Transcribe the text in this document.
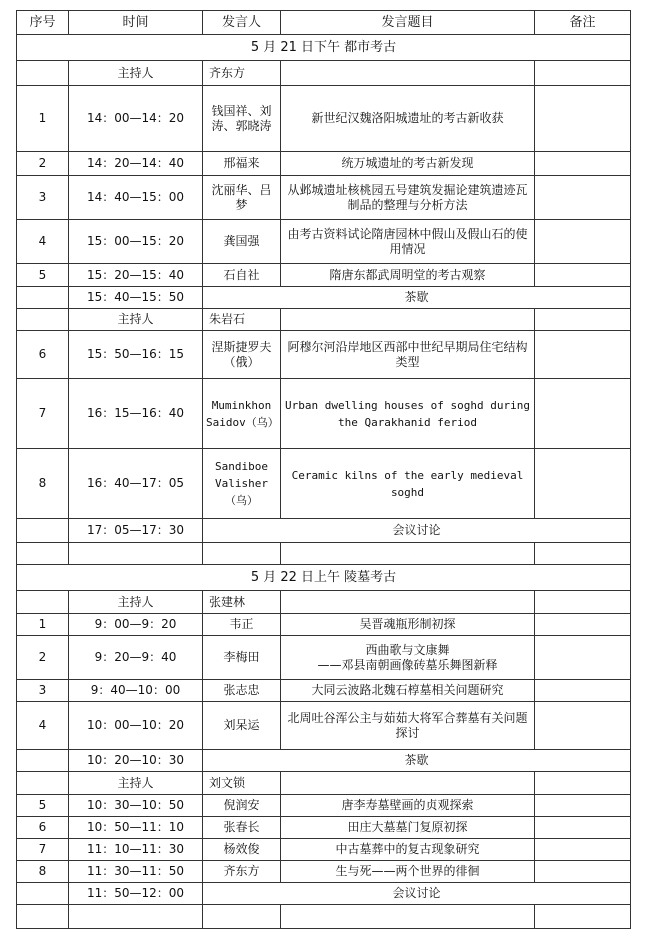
序号	时间	发言人	发言题目	备注
5 月 21 日下午 都市考古				
	主持人	齐东方		
1	14：00—14：20	钱国祥、刘涛、郭晓涛	新世纪汉魏洛阳城遗址的考古新收获	
2	14：20—14：40	邢福来	统万城遗址的考古新发现	
3	14：40—15：00	沈丽华、吕梦	从邺城遗址核桃园五号建筑发掘论建筑遗迹瓦制品的整理与分析方法	
4	15：00—15：20	龚国强	由考古资料试论隋唐园林中假山及假山石的使用情况	
5	15：20—15：40	石自社	隋唐东都武周明堂的考古观察	
	15：40—15：50	茶歇		
	主持人	朱岩石		
6	15：50—16：15	涅斯捷罗夫（俄）	阿穆尔河沿岸地区西部中世纪早期局住宅结构类型	
7	16：15—16：40	Muminkhon Saidov（乌）	Urban dwelling houses of soghd during the Qarakhanid feriod	
8	16：40—17：05	Sandiboe Valisher（乌）	Ceramic kilns of the early medieval soghd	
	17：05—17：30	会议讨论		

5 月 22 日上午 陵墓考古				
	主持人	张建林		
1	9：00—9：20	韦正	吴晋魂瓶形制初探	
2	9：20—9：40	李梅田	西曲歌与文康舞
——邓县南朝画像砖墓乐舞图新释	
3	9：40—10：00	张志忠	大同云波路北魏石椁墓相关问题研究	
4	10：00—10：20	刘呆运	北周吐谷浑公主与茹茹大将军合葬墓有关问题探讨	
	10：20—10：30	茶歇		
	主持人	刘文锁		
5	10：30—10：50	倪润安	唐李寿墓壁画的贞观探索	
6	10：50—11：10	张春长	田庄大墓墓门复原初探	
7	11：10—11：30	杨效俊	中古墓葬中的复古现象研究	
8	11：30—11：50	齐东方	生与死——两个世界的徘徊	
	11：50—12：00	会议讨论		
